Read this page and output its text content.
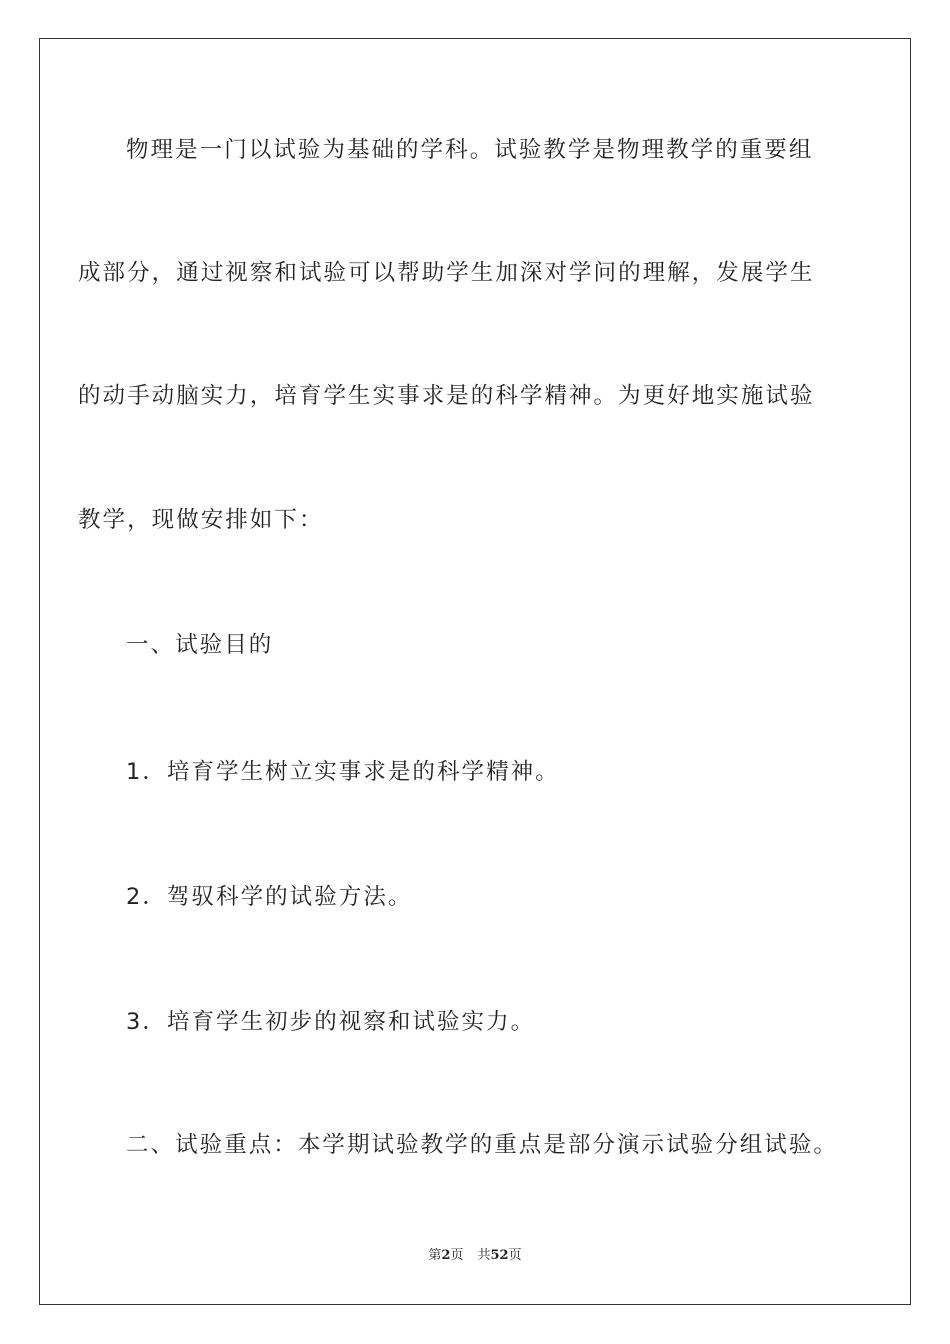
物理是一门以试验为基础的学科。试验教学是物理教学的重要组
成部分，通过视察和试验可以帮助学生加深对学问的理解，发展学生
的动手动脑实力，培育学生实事求是的科学精神。为更好地实施试验
教学，现做安排如下：
一、试验目的
1．培育学生树立实事求是的科学精神。
2．驾驭科学的试验方法。
3．培育学生初步的视察和试验实力。
二、试验重点：本学期试验教学的重点是部分演示试验分组试验。
第2页 共52页
